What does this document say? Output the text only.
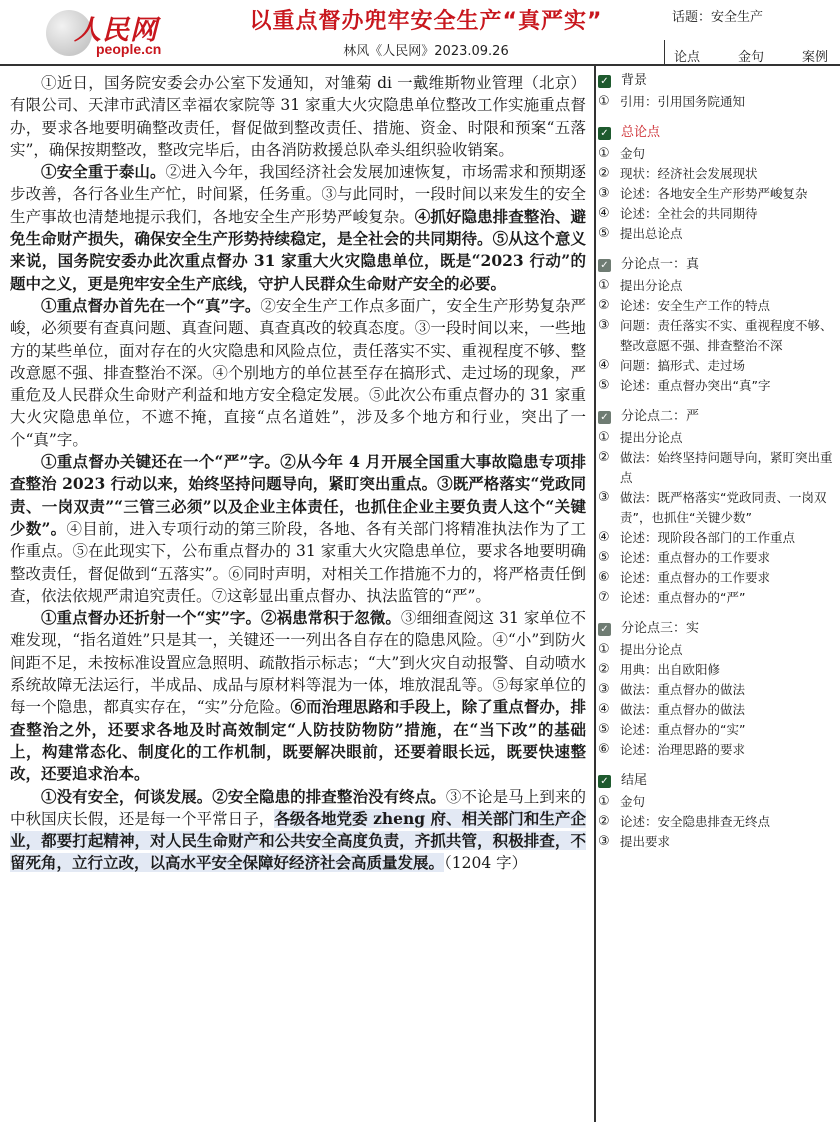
人民网
people.cn
以重点督办兜牢安全生产“真严实”
林风《人民网》2023.09.26
话题：安全生产
论点	金句	案例

①近日，国务院安委会办公室下发通知，对雏菊 di 一戴维斯物业管理（北京）有限公司、天津市武清区幸福农家院等 31 家重大火灾隐患单位整改工作实施重点督办，要求各地要明确整改责任，督促做到整改责任、措施、资金、时限和预案“五落实”，确保按期整改，整改完毕后，由各消防救援总队牵头组织验收销案。

①安全重于泰山。②进入今年，我国经济社会发展加速恢复，市场需求和预期逐步改善，各行各业生产忙，时间紧，任务重。③与此同时，一段时间以来发生的安全生产事故也清楚地提示我们，各地安全生产形势严峻复杂。④抓好隐患排查整治、避免生命财产损失，确保安全生产形势持续稳定，是全社会的共同期待。⑤从这个意义来说，国务院安委办此次重点督办 31 家重大火灾隐患单位，既是“2023 行动”的题中之义，更是兜牢安全生产底线，守护人民群众生命财产安全的必要。

①重点督办首先在一个“真”字。②安全生产工作点多面广，安全生产形势复杂严峻，必须要有查真问题、真查问题、真查真改的较真态度。③一段时间以来，一些地方的某些单位，面对存在的火灾隐患和风险点位，责任落实不实、重视程度不够、整改意愿不强、排查整治不深。④个别地方的单位甚至存在搞形式、走过场的现象，严重危及人民群众生命财产利益和地方安全稳定发展。⑤此次公布重点督办的 31 家重大火灾隐患单位，不遮不掩，直接“点名道姓”，涉及多个地方和行业，突出了一个“真”字。

①重点督办关键还在一个“严”字。②从今年 4 月开展全国重大事故隐患专项排查整治 2023 行动以来，始终坚持问题导向，紧盯突出重点。③既严格落实“党政同责、一岗双责”“三管三必须”以及企业主体责任，也抓住企业主要负责人这个“关键少数”。④目前，进入专项行动的第三阶段，各地、各有关部门将精准执法作为了工作重点。⑤在此现实下，公布重点督办的 31 家重大火灾隐患单位，要求各地要明确整改责任，督促做到“五落实”。⑥同时声明，对相关工作措施不力的，将严格责任倒查，依法依规严肃追究责任。⑦这彰显出重点督办、执法监管的“严”。

①重点督办还折射一个“实”字。②祸患常积于忽微。③细细查阅这 31 家单位不难发现，“指名道姓”只是其一，关键还一一列出各自存在的隐患风险。④“小”到防火间距不足，未按标准设置应急照明、疏散指示标志；“大”到火灾自动报警、自动喷水系统故障无法运行，半成品、成品与原材料等混为一体，堆放混乱等。⑤每家单位的每一个隐患，都真实存在，“实”分危险。⑥而治理思路和手段上，除了重点督办，排查整治之外，还要求各地及时高效制定“人防技防物防”措施，在“当下改”的基础上，构建常态化、制度化的工作机制，既要解决眼前，还要着眼长远，既要快速整改，还要追求治本。

①没有安全，何谈发展。②安全隐患的排查整治没有终点。③不论是马上到来的中秋国庆长假，还是每一个平常日子，各级各地党委 zheng 府、相关部门和生产企业，都要打起精神，对人民生命财产和公共安全高度负责，齐抓共管，积极排查，不留死角，立行立改，以高水平安全保障好经济社会高质量发展。（1204 字）

✓ 背景
① 引用：引用国务院通知
✓ 总论点
① 金句
② 现状：经济社会发展现状
③ 论述：各地安全生产形势严峻复杂
④ 论述：全社会的共同期待
⑤ 提出总论点
✓ 分论点一：真
① 提出分论点
② 论述：安全生产工作的特点
③ 问题：责任落实不实、重视程度不够、整改意愿不强、排查整治不深
④ 问题：搞形式、走过场
⑤ 论述：重点督办突出“真”字
✓ 分论点二：严
① 提出分论点
② 做法：始终坚持问题导向，紧盯突出重点
③ 做法：既严格落实“党政同责、一岗双责”，也抓住“关键少数”
④ 论述：现阶段各部门的工作重点
⑤ 论述：重点督办的工作要求
⑥ 论述：重点督办的工作要求
⑦ 论述：重点督办的“严”
✓ 分论点三：实
① 提出分论点
② 用典：出自欧阳修
③ 做法：重点督办的做法
④ 做法：重点督办的做法
⑤ 论述：重点督办的“实”
⑥ 论述：治理思路的要求
✓ 结尾
① 金句
② 论述：安全隐患排查无终点
③ 提出要求
